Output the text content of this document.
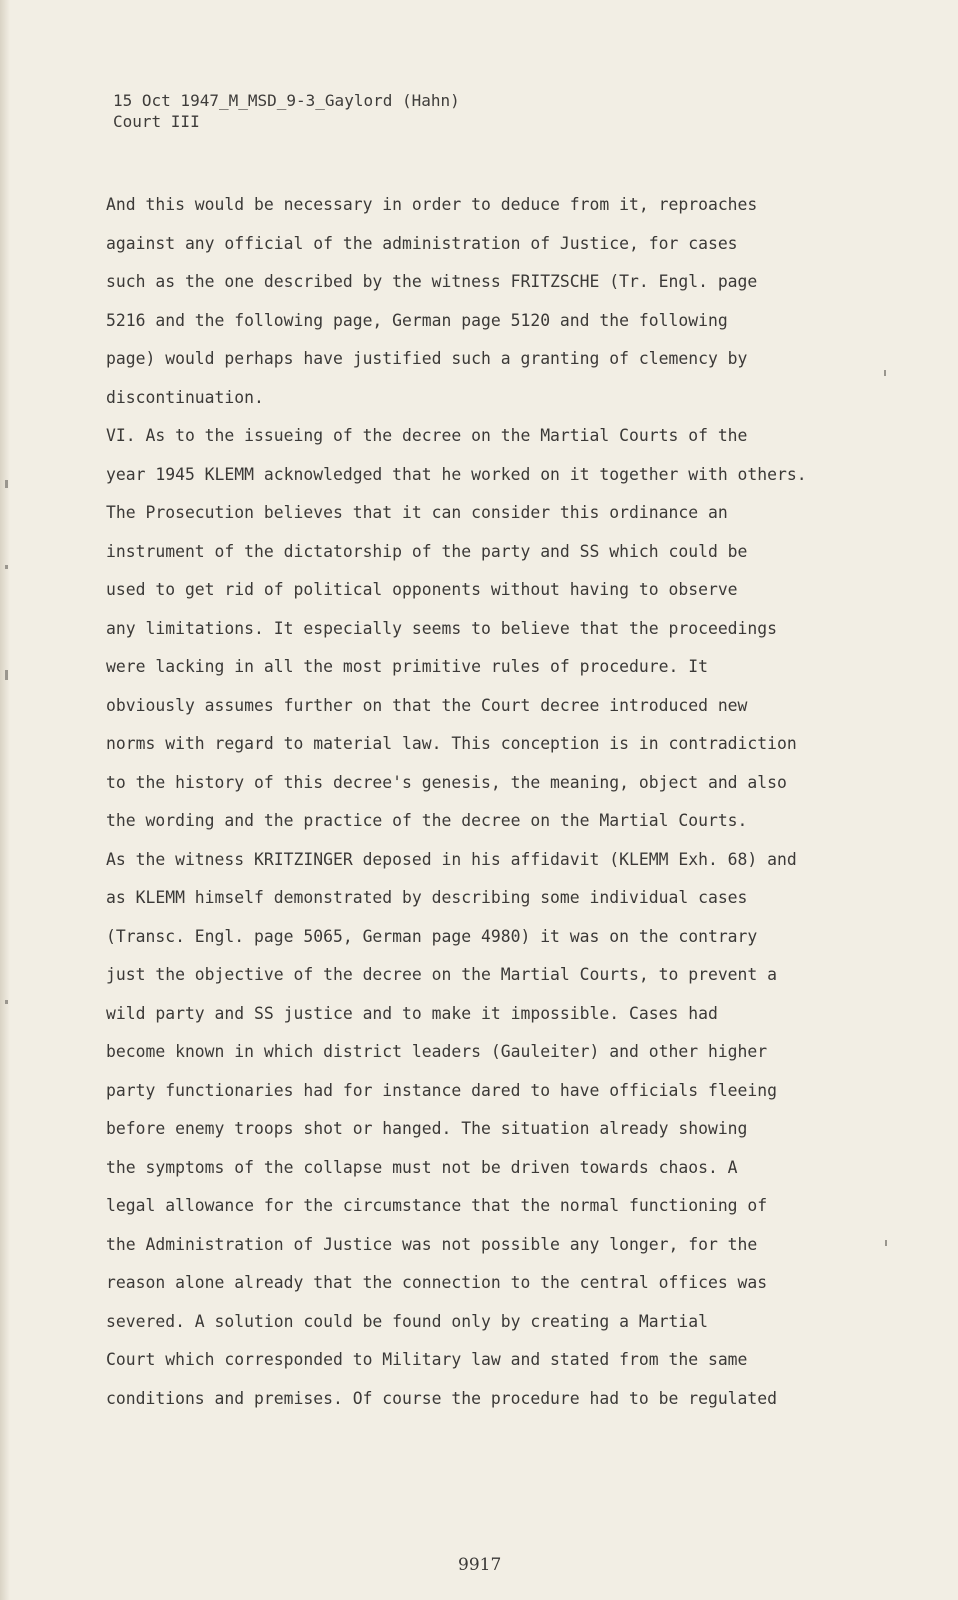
15 Oct 1947_M_MSD_9-3_Gaylord (Hahn)
Court III
And this would be necessary in order to deduce from it, reproaches
against any official of the administration of Justice, for cases
such as the one described by the witness FRITZSCHE (Tr. Engl. page
5216 and the following page, German page 5120 and the following
page) would perhaps have justified such a granting of clemency by
discontinuation.
VI. As to the issueing of the decree on the Martial Courts of the
year 1945 KLEMM acknowledged that he worked on it together with others.
The Prosecution believes that it can consider this ordinance an
instrument of the dictatorship of the party and SS which could be
used to get rid of political opponents without having to observe
any limitations. It especially seems to believe that the proceedings
were lacking in all the most primitive rules of procedure. It
obviously assumes further on that the Court decree introduced new
norms with regard to material law. This conception is in contradiction
to the history of this decree's genesis, the meaning, object and also
the wording and the practice of the decree on the Martial Courts.
As the witness KRITZINGER deposed in his affidavit (KLEMM Exh. 68) and
as KLEMM himself demonstrated by describing some individual cases
(Transc. Engl. page 5065, German page 4980) it was on the contrary
just the objective of the decree on the Martial Courts, to prevent a
wild party and SS justice and to make it impossible. Cases had
become known in which district leaders (Gauleiter) and other higher
party functionaries had for instance dared to have officials fleeing
before enemy troops shot or hanged. The situation already showing
the symptoms of the collapse must not be driven towards chaos. A
legal allowance for the circumstance that the normal functioning of
the Administration of Justice was not possible any longer, for the
reason alone already that the connection to the central offices was
severed. A solution could be found only by creating a Martial
Court which corresponded to Military law and stated from the same
conditions and premises. Of course the procedure had to be regulated
9917
